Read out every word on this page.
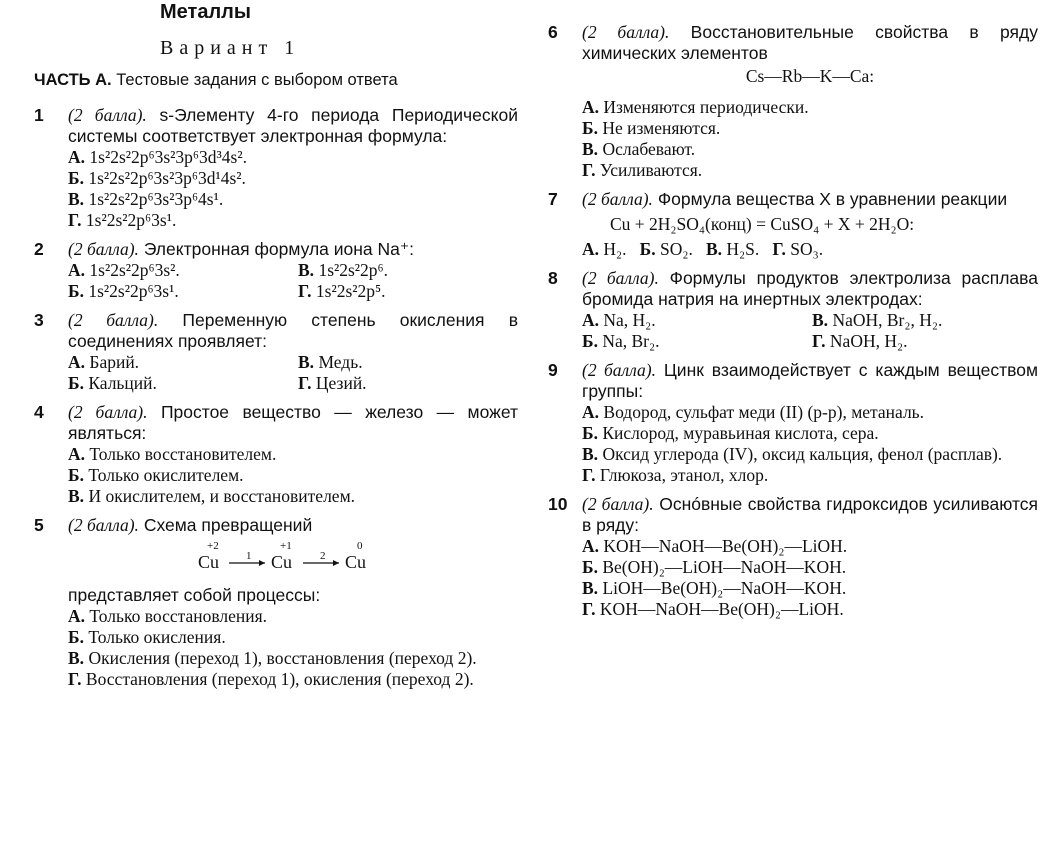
Металлы
Вариант 1
ЧАСТЬ А. Тестовые задания с выбором ответа
1	(2 балла). s-Элементу 4-го периода Периодической системы соответствует электронная формула:
А. 1s²2s²2p⁶3s²3p⁶3d³4s².
Б. 1s²2s²2p⁶3s²3p⁶3d¹4s².
В. 1s²2s²2p⁶3s²3p⁶4s¹.
Г. 1s²2s²2p⁶3s¹.
2	(2 балла). Электронная формула иона Na⁺:
А. 1s²2s²2p⁶3s².	В. 1s²2s²2p⁶.
Б. 1s²2s²2p⁶3s¹.	Г. 1s²2s²2p⁵.
3	(2 балла). Переменную степень окисления в соединениях проявляет:
А. Барий.	В. Медь.
Б. Кальций.	Г. Цезий.
4	(2 балла). Простое вещество — железо — может являться:
А. Только восстановителем.
Б. Только окислителем.
В. И окислителем, и восстановителем.
5	(2 балла). Схема превращений
+2
Cu
+1
Cu
0
Cu
1	2
представляет собой процессы:
А. Только восстановления.
Б. Только окисления.
В. Окисления (переход 1), восстановления (переход 2).
Г. Восстановления (переход 1), окисления (переход 2).
6	(2 балла). Восстановительные свойства в ряду химических элементов
Cs—Rb—K—Ca:
А. Изменяются периодически.
Б. Не изменяются.
В. Ослабевают.
Г. Усиливаются.
7	(2 балла). Формула вещества X в уравнении реакции
Cu + 2H₂SO₄(конц) = CuSO₄ + X + 2H₂O:
А. H₂. Б. SO₂. В. H₂S. Г. SO₃.
8	(2 балла). Формулы продуктов электролиза расплава бромида натрия на инертных электродах:
А. Na, H₂.	В. NaOH, Br₂, H₂.
Б. Na, Br₂.	Г. NaOH, H₂.
9	(2 балла). Цинк взаимодействует с каждым веществом группы:
А. Водород, сульфат меди (II) (р-р), метаналь.
Б. Кислород, муравьиная кислота, сера.
В. Оксид углерода (IV), оксид кальция, фенол (расплав).
Г. Глюкоза, этанол, хлор.
10 (2 балла). Оснóвные свойства гидроксидов усиливаются в ряду:
А. KOH—NaOH—Be(OH)₂—LiOH.
Б. Be(OH)₂—LiOH—NaOH—KOH.
В. LiOH—Be(OH)₂—NaOH—KOH.
Г. KOH—NaOH—Be(OH)₂—LiOH.
